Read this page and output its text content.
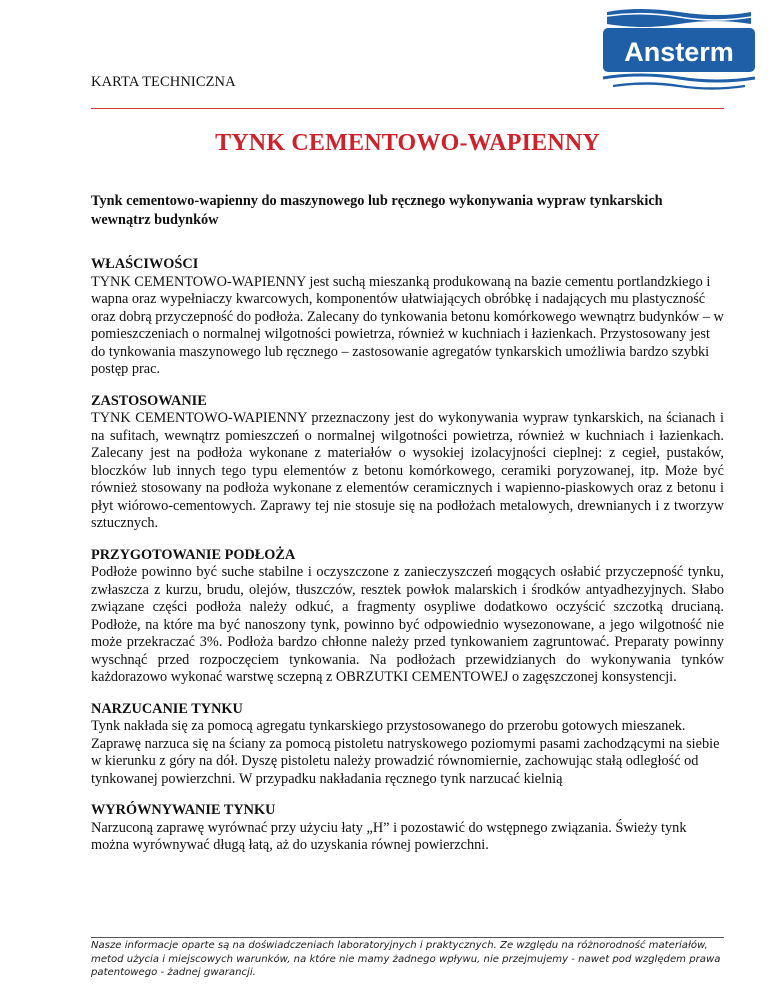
Ansterm
KARTA TECHNICZNA
TYNK CEMENTOWO-WAPIENNY
Tynk cementowo-wapienny do maszynowego lub ręcznego wykonywania wypraw tynkarskich wewnątrz budynków
WŁAŚCIWOŚCI

TYNK CEMENTOWO-WAPIENNY jest suchą mieszanką produkowaną na bazie cementu portlandzkiego i wapna oraz wypełniaczy kwarcowych, komponentów ułatwiających obróbkę i nadających mu plastyczność oraz dobrą przyczepność do podłoża. Zalecany do tynkowania betonu komórkowego wewnątrz budynków – w pomieszczeniach o normalnej wilgotności powietrza, również w kuchniach i łazienkach. Przystosowany jest do tynkowania maszynowego lub ręcznego – zastosowanie agregatów tynkarskich umożliwia bardzo szybki postęp prac.

ZASTOSOWANIE

TYNK CEMENTOWO-WAPIENNY przeznaczony jest do wykonywania wypraw tynkarskich, na ścianach i na sufitach, wewnątrz pomieszczeń o normalnej wilgotności powietrza, również w kuchniach i łazienkach. Zalecany jest na podłoża wykonane z materiałów o wysokiej izolacyjności cieplnej: z cegieł, pustaków, bloczków lub innych tego typu elementów z betonu komórkowego, ceramiki poryzowanej, itp. Może być również stosowany na podłoża wykonane z elementów ceramicznych i wapienno-piaskowych oraz z betonu i płyt wiórowo-cementowych. Zaprawy tej nie stosuje się na podłożach metalowych, drewnianych i z tworzyw sztucznych.

PRZYGOTOWANIE PODŁOŻA

Podłoże powinno być suche stabilne i oczyszczone z zanieczyszczeń mogących osłabić przyczepność tynku, zwłaszcza z kurzu, brudu, olejów, tłuszczów, resztek powłok malarskich i środków antyadhezyjnych. Słabo związane części podłoża należy odkuć, a fragmenty osypliwe dodatkowo oczyścić szczotką drucianą. Podłoże, na które ma być nanoszony tynk, powinno być odpowiednio wysezonowane, a jego wilgotność nie może przekraczać 3%. Podłoża bardzo chłonne należy przed tynkowaniem zagruntować. Preparaty powinny wyschnąć przed rozpoczęciem tynkowania. Na podłożach przewidzianych do wykonywania tynków każdorazowo wykonać warstwę sczepną z OBRZUTKI CEMENTOWEJ o zagęszczonej konsystencji.

NARZUCANIE TYNKU

Tynk nakłada się za pomocą agregatu tynkarskiego przystosowanego do przerobu gotowych mieszanek. Zaprawę narzuca się na ściany za pomocą pistoletu natryskowego poziomymi pasami zachodzącymi na siebie w kierunku z góry na dół. Dyszę pistoletu należy prowadzić równomiernie, zachowując stałą odległość od tynkowanej powierzchni. W przypadku nakładania ręcznego tynk narzucać kielnią

WYRÓWNYWANIE TYNKU

Narzuconą zaprawę wyrównać przy użyciu łaty „H” i pozostawić do wstępnego związania. Świeży tynk można wyrównywać długą łatą, aż do uzyskania równej powierzchni.

Nasze informacje oparte są na doświadczeniach laboratoryjnych i praktycznych. Ze względu na różnorodność materiałów, metod użycia i miejscowych warunków, na które nie mamy żadnego wpływu, nie przejmujemy - nawet pod względem prawa patentowego - żadnej gwarancji.
